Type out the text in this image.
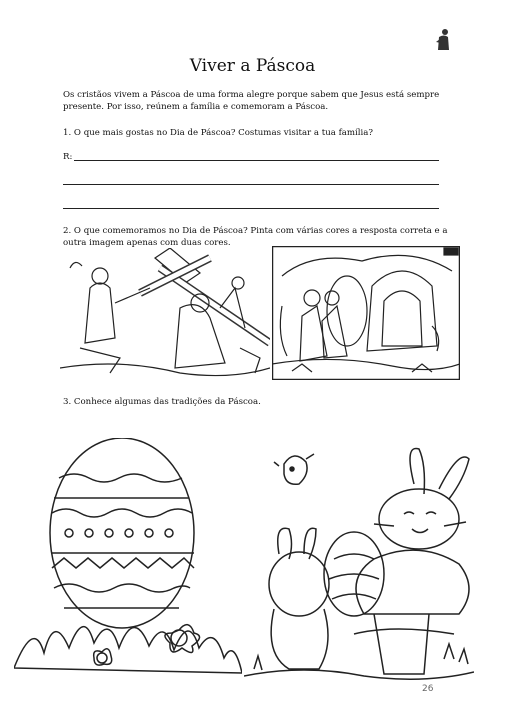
Viver a Páscoa
Os cristãos vivem a Páscoa de uma forma alegre porque sabem que Jesus está sempre presente. Por isso, reúnem a família e comemoram a Páscoa.
1. O que mais gostas no Dia de Páscoa? Costumas visitar a tua família?
R:
2. O que comemoramos no Dia de Páscoa? Pinta com várias cores a resposta correta e a outra imagem apenas com duas cores.
3. Conhece algumas das tradições da Páscoa.
26
